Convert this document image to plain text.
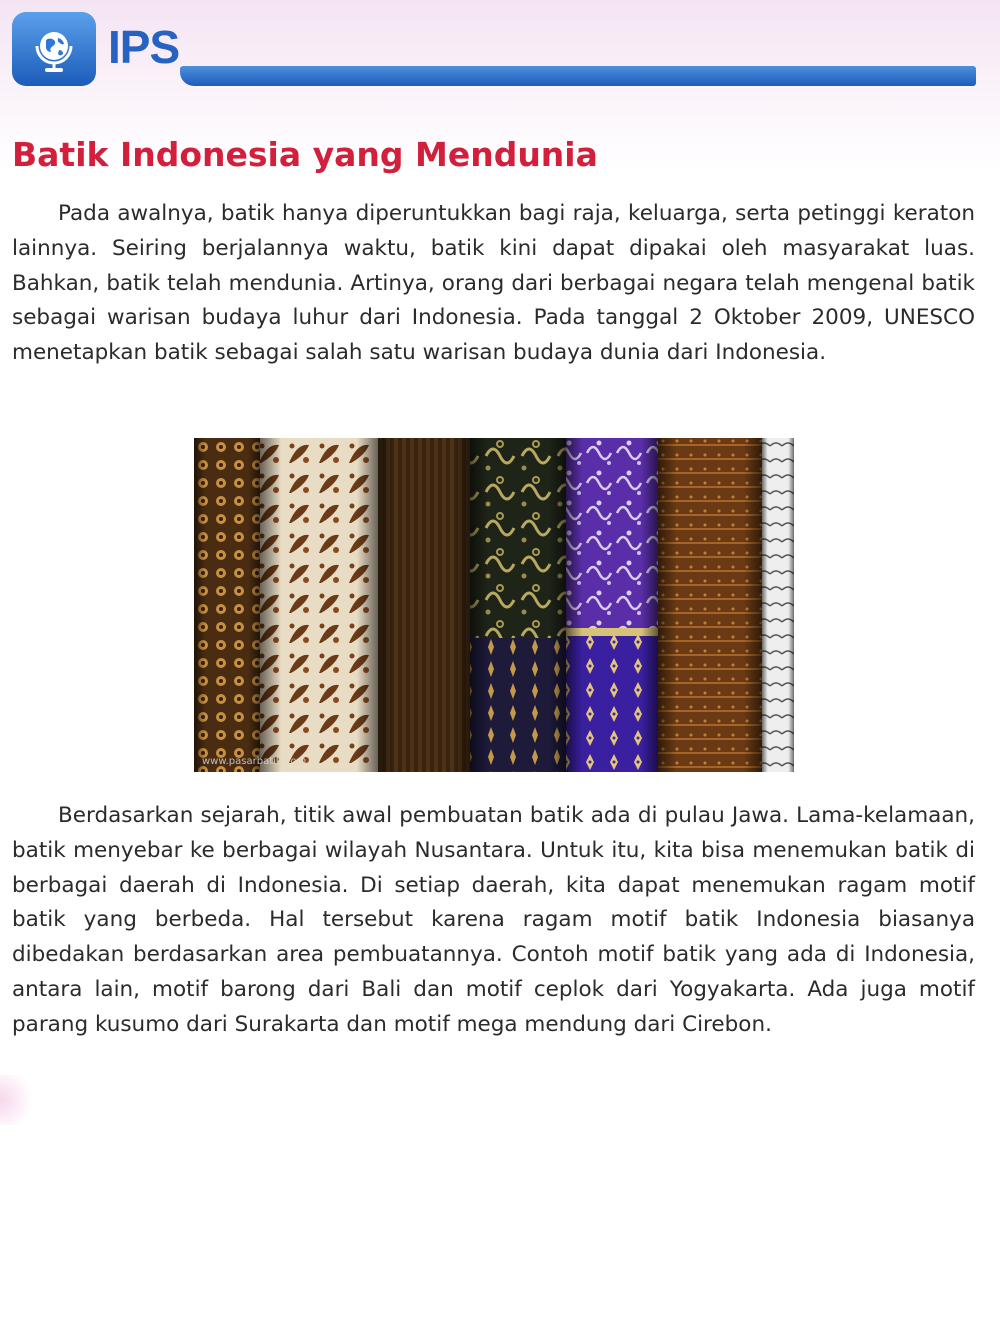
IPS
Batik Indonesia yang Mendunia

Pada awalnya, batik hanya diperuntukkan bagi raja, keluarga, serta petinggi keraton lainnya. Seiring berjalannya waktu, batik kini dapat dipakai oleh masyarakat luas. Bahkan, batik telah mendunia. Artinya, orang dari berbagai negara telah mengenal batik sebagai warisan budaya luhur dari Indonesia. Pada tanggal 2 Oktober 2009, UNESCO menetapkan batik sebagai salah satu warisan budaya dunia dari Indonesia.

www.pasarbatik.com

Berdasarkan sejarah, titik awal pembuatan batik ada di pulau Jawa. Lama-kelamaan, batik menyebar ke berbagai wilayah Nusantara. Untuk itu, kita bisa menemukan batik di berbagai daerah di Indonesia. Di setiap daerah, kita dapat menemukan ragam motif batik yang berbeda. Hal tersebut karena ragam motif batik Indonesia biasanya dibedakan berdasarkan area pembuatannya. Contoh motif batik yang ada di Indonesia, antara lain, motif barong dari Bali dan motif ceplok dari Yogyakarta. Ada juga motif parang kusumo dari Surakarta dan motif mega mendung dari Cirebon.
